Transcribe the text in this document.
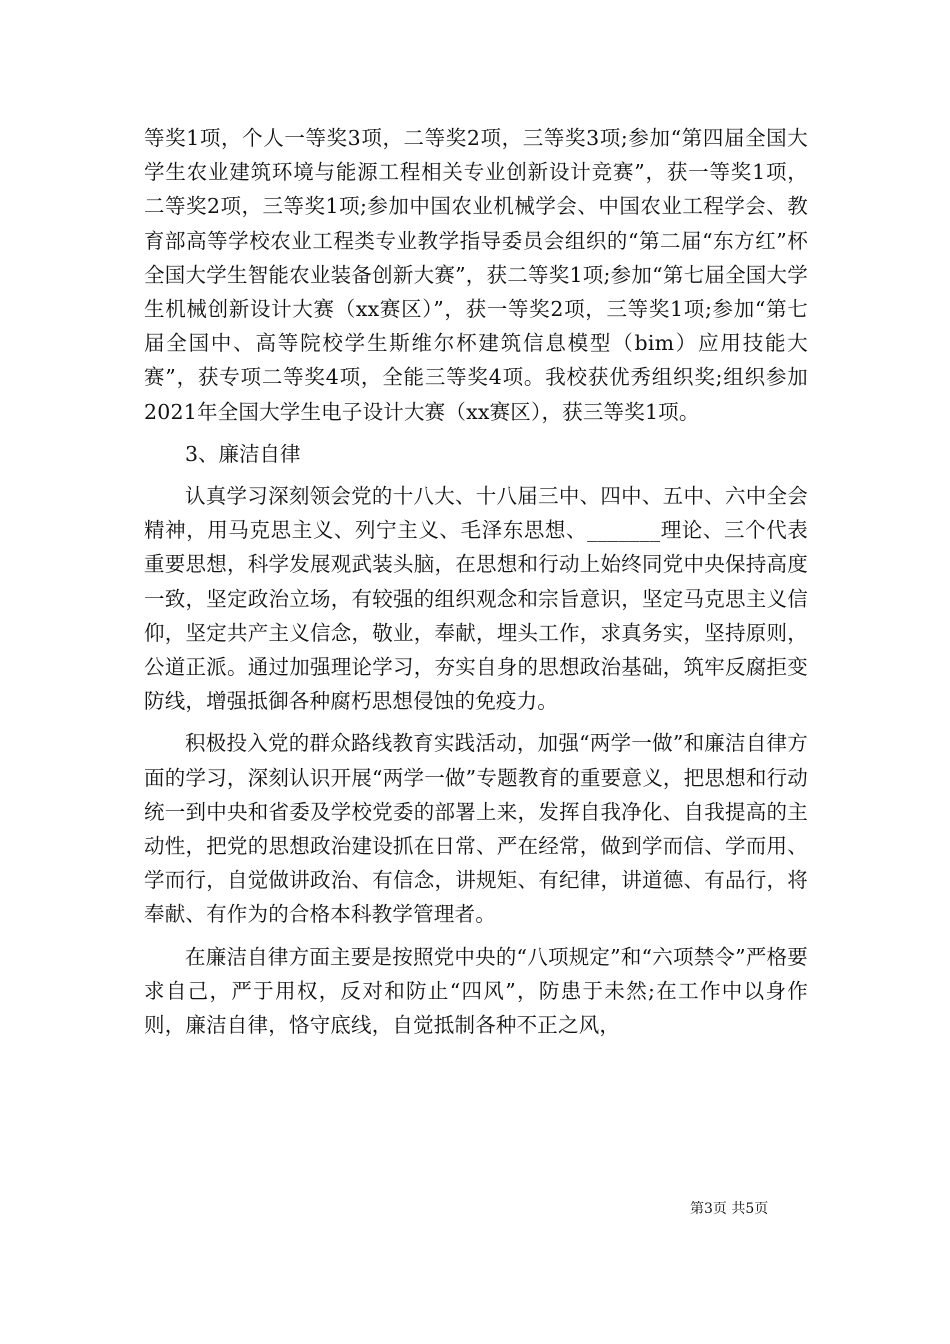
等奖1项，个人一等奖3项，二等奖2项，三等奖3项;参加“第四届全国大学生农业建筑环境与能源工程相关专业创新设计竞赛”，获一等奖1项，二等奖2项，三等奖1项;参加中国农业机械学会、中国农业工程学会、教育部高等学校农业工程类专业教学指导委员会组织的“第二届“东方红”杯全国大学生智能农业装备创新大赛”，获二等奖1项;参加“第七届全国大学生机械创新设计大赛（xx赛区）”，获一等奖2项，三等奖1项;参加“第七届全国中、高等院校学生斯维尔杯建筑信息模型（bim）应用技能大赛”，获专项二等奖4项，全能三等奖4项。我校获优秀组织奖;组织参加2021年全国大学生电子设计大赛（xx赛区），获三等奖1项。

3、廉洁自律

认真学习深刻领会党的十八大、十八届三中、四中、五中、六中全会精神，用马克思主义、列宁主义、毛泽东思想、_______理论、三个代表重要思想，科学发展观武装头脑，在思想和行动上始终同党中央保持高度一致，坚定政治立场，有较强的组织观念和宗旨意识，坚定马克思主义信仰，坚定共产主义信念，敬业，奉献，埋头工作，求真务实，坚持原则，公道正派。通过加强理论学习，夯实自身的思想政治基础，筑牢反腐拒变防线，增强抵御各种腐朽思想侵蚀的免疫力。

积极投入党的群众路线教育实践活动，加强“两学一做”和廉洁自律方面的学习，深刻认识开展“两学一做”专题教育的重要意义，把思想和行动统一到中央和省委及学校党委的部署上来，发挥自我净化、自我提高的主动性，把党的思想政治建设抓在日常、严在经常，做到学而信、学而用、学而行，自觉做讲政治、有信念，讲规矩、有纪律，讲道德、有品行，将奉献、有作为的合格本科教学管理者。

在廉洁自律方面主要是按照党中央的“八项规定”和“六项禁令”严格要求自己，严于用权，反对和防止“四风”，防患于未然;在工作中以身作则，廉洁自律，恪守底线，自觉抵制各种不正之风，

第3页 共5页
